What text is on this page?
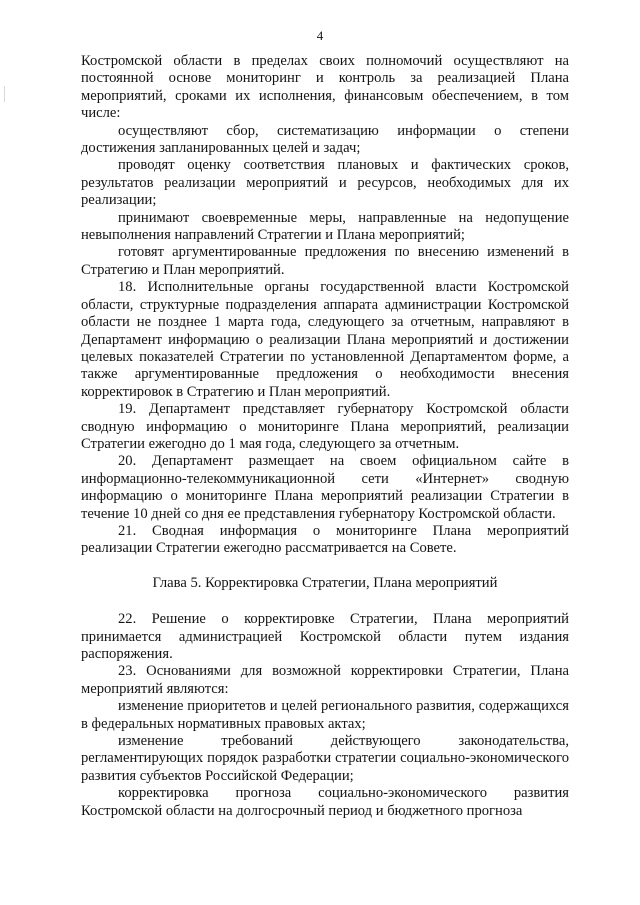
4

Костромской области в пределах своих полномочий осуществляют на постоянной основе мониторинг и контроль за реализацией Плана мероприятий, сроками их исполнения, финансовым обеспечением, в том числе:

осуществляют сбор, систематизацию информации о степени достижения запланированных целей и задач;

проводят оценку соответствия плановых и фактических сроков, результатов реализации мероприятий и ресурсов, необходимых для их реализации;

принимают своевременные меры, направленные на недопущение невыполнения направлений Стратегии и Плана мероприятий;

готовят аргументированные предложения по внесению изменений в Стратегию и План мероприятий.

18. Исполнительные органы государственной власти Костромской области, структурные подразделения аппарата администрации Костромской области не позднее 1 марта года, следующего за отчетным, направляют в Департамент информацию о реализации Плана мероприятий и достижении целевых показателей Стратегии по установленной Департаментом форме, а также аргументированные предложения о необходимости внесения корректировок в Стратегию и План мероприятий.

19. Департамент представляет губернатору Костромской области сводную информацию о мониторинге Плана мероприятий, реализации Стратегии ежегодно до 1 мая года, следующего за отчетным.

20. Департамент размещает на своем официальном сайте в информационно-телекоммуникационной сети «Интернет» сводную информацию о мониторинге Плана мероприятий реализации Стратегии в течение 10 дней со дня ее представления губернатору Костромской области.

21. Сводная информация о мониторинге Плана мероприятий реализации Стратегии ежегодно рассматривается на Совете.

Глава 5. Корректировка Стратегии, Плана мероприятий

22. Решение о корректировке Стратегии, Плана мероприятий принимается администрацией Костромской области путем издания распоряжения.

23. Основаниями для возможной корректировки Стратегии, Плана мероприятий являются:

изменение приоритетов и целей регионального развития, содержащихся в федеральных нормативных правовых актах;

изменение требований действующего законодательства, регламентирующих порядок разработки стратегии социально-экономического развития субъектов Российской Федерации;

корректировка прогноза социально-экономического развития Костромской области на долгосрочный период и бюджетного прогноза
